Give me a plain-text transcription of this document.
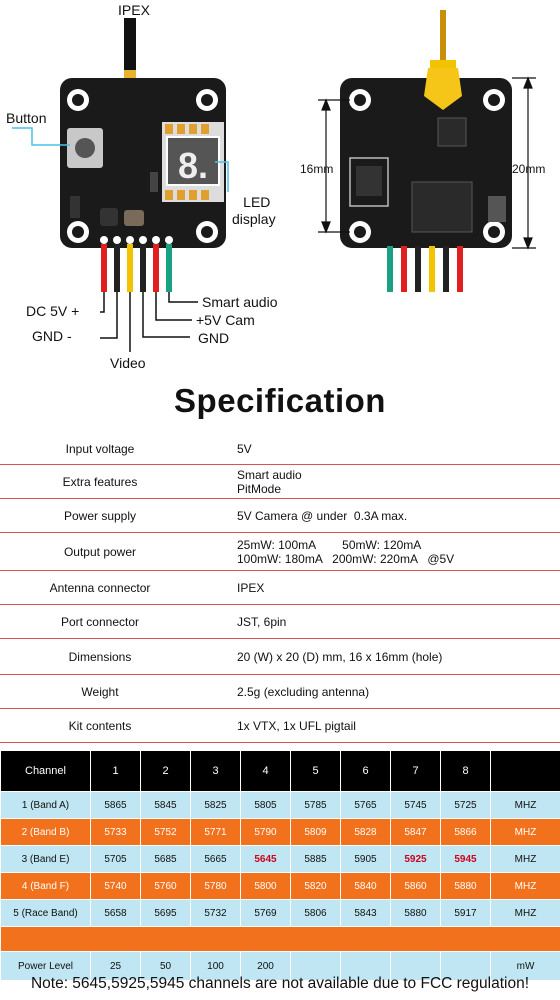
8.
IPEX
Button
LED
display
DC 5V +
GND -
Video
Smart audio
+5V Cam
GND
16mm	20mm
Specification
Input voltage	5V
Extra features	Smart audio
PitMode
Power supply	5V Camera @ under  0.3A max.
Output power	25mW: 100mA        50mW: 120mA
100mW: 180mA   200mW: 220mA   @5V
Antenna connector	IPEX
Port connector	JST, 6pin
Dimensions	20 (W) x 20 (D) mm, 16 x 16mm (hole)
Weight	2.5g (excluding antenna)
Kit contents	1x VTX, 1x UFL pigtail
Channel	1	2	3	4	5	6	7	8	
1 (Band A)	5865	5845	5825	5805	5785	5765	5745	5725	MHZ
2 (Band B)	5733	5752	5771	5790	5809	5828	5847	5866	MHZ
3 (Band E)	5705	5685	5665	5645	5885	5905	5925	5945	MHZ
4 (Band F)	5740	5760	5780	5800	5820	5840	5860	5880	MHZ
5 (Race Band)	5658	5695	5732	5769	5806	5843	5880	5917	MHZ

Power Level	25	50	100	200					mW
Note: 5645,5925,5945 channels are not available due to FCC regulation!
